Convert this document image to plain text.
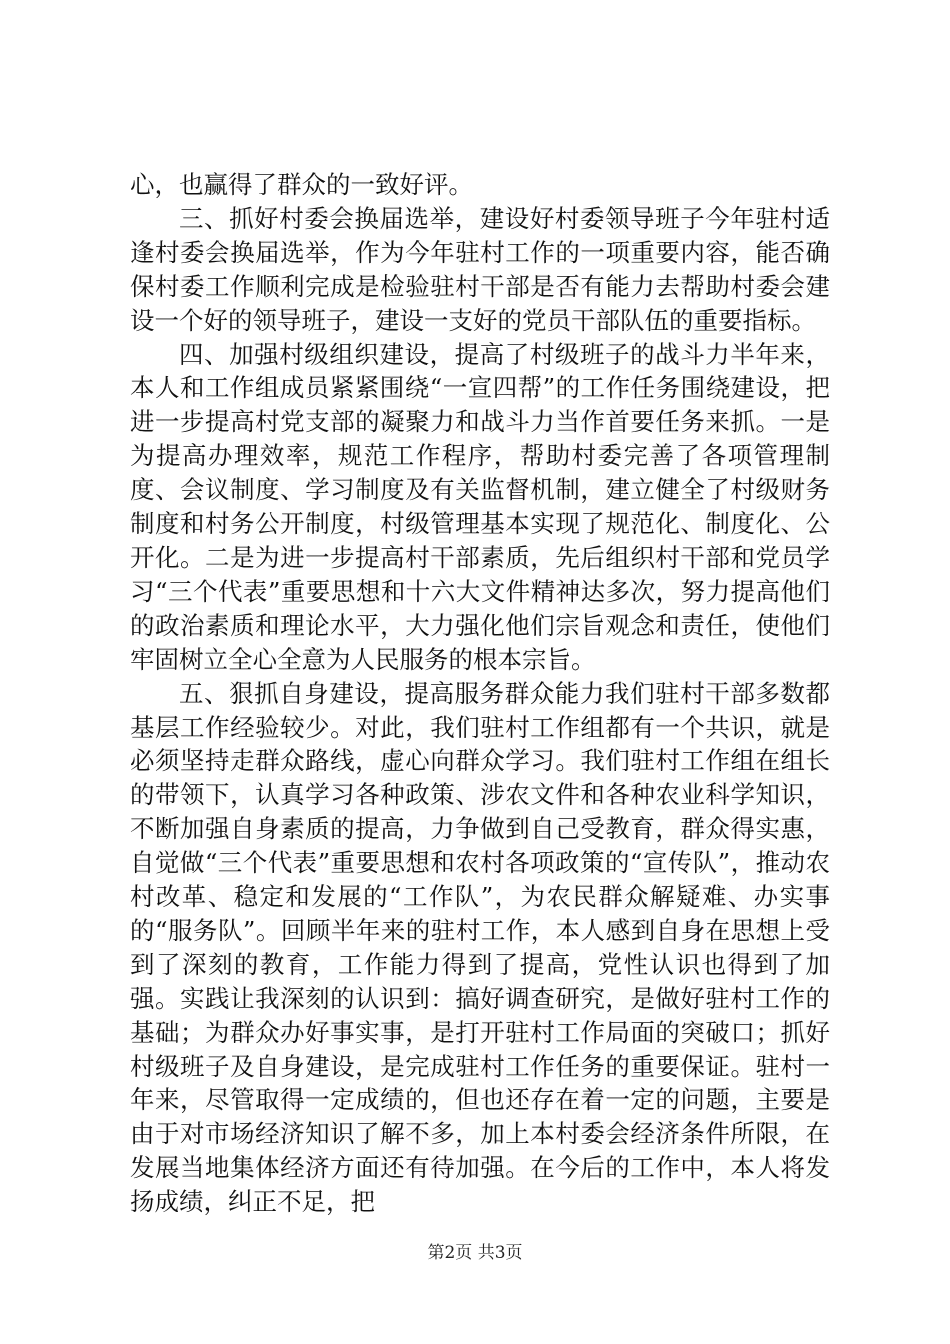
心，也赢得了群众的一致好评。

三、抓好村委会换届选举，建设好村委领导班子今年驻村适逢村委会换届选举，作为今年驻村工作的一项重要内容，能否确保村委工作顺利完成是检验驻村干部是否有能力去帮助村委会建设一个好的领导班子，建设一支好的党员干部队伍的重要指标。

四、加强村级组织建设，提高了村级班子的战斗力半年来，本人和工作组成员紧紧围绕“一宣四帮”的工作任务围绕建设，把进一步提高村党支部的凝聚力和战斗力当作首要任务来抓。一是为提高办理效率，规范工作程序，帮助村委完善了各项管理制度、会议制度、学习制度及有关监督机制，建立健全了村级财务制度和村务公开制度，村级管理基本实现了规范化、制度化、公开化。二是为进一步提高村干部素质，先后组织村干部和党员学习“三个代表”重要思想和十六大文件精神达多次，努力提高他们的政治素质和理论水平，大力强化他们宗旨观念和责任，使他们牢固树立全心全意为人民服务的根本宗旨。

五、狠抓自身建设，提高服务群众能力我们驻村干部多数都基层工作经验较少。对此，我们驻村工作组都有一个共识，就是必须坚持走群众路线，虚心向群众学习。我们驻村工作组在组长的带领下，认真学习各种政策、涉农文件和各种农业科学知识，不断加强自身素质的提高，力争做到自己受教育，群众得实惠，自觉做“三个代表”重要思想和农村各项政策的“宣传队”，推动农村改革、稳定和发展的“工作队”，为农民群众解疑难、办实事的“服务队”。回顾半年来的驻村工作，本人感到自身在思想上受到了深刻的教育，工作能力得到了提高，党性认识也得到了加强。实践让我深刻的认识到：搞好调查研究，是做好驻村工作的基础；为群众办好事实事，是打开驻村工作局面的突破口；抓好村级班子及自身建设，是完成驻村工作任务的重要保证。驻村一年来，尽管取得一定成绩的，但也还存在着一定的问题，主要是由于对市场经济知识了解不多，加上本村委会经济条件所限，在发展当地集体经济方面还有待加强。在今后的工作中，本人将发扬成绩，纠正不足，把

第2页 共3页
